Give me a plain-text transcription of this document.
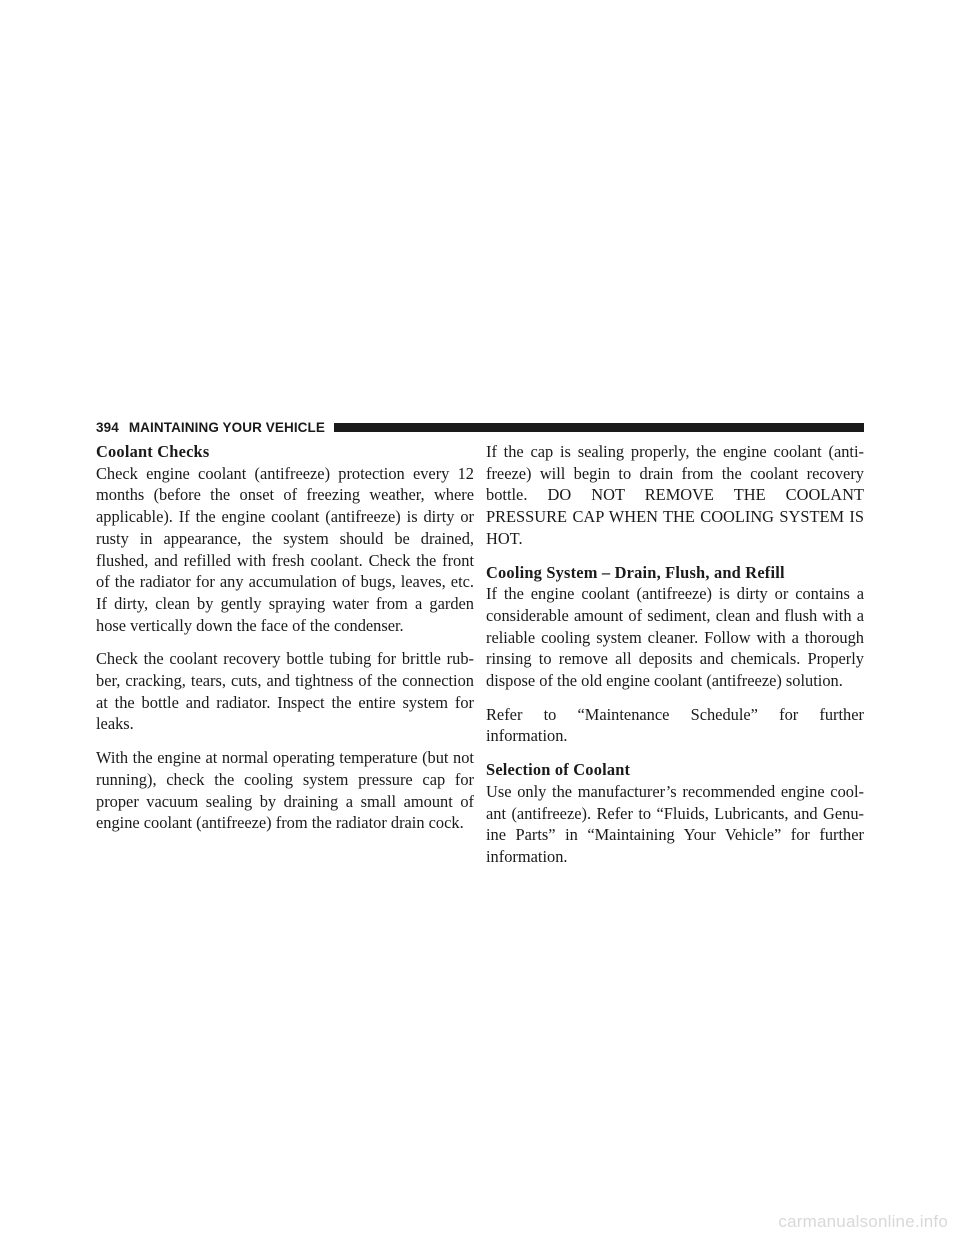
394 MAINTAINING YOUR VEHICLE

Coolant Checks

Check engine coolant (antifreeze) protection every 12 months (before the onset of freezing weather, where applicable). If the engine coolant (antifreeze) is dirty or rusty in appearance, the system should be drained, flushed, and refilled with fresh coolant. Check the front of the radiator for any accumulation of bugs, leaves, etc. If dirty, clean by gently spraying water from a garden hose vertically down the face of the condenser.

Check the coolant recovery bottle tubing for brittle rubber, cracking, tears, cuts, and tightness of the connection at the bottle and radiator. Inspect the entire system for leaks.

With the engine at normal operating temperature (but not running), check the cooling system pressure cap for proper vacuum sealing by draining a small amount of engine coolant (antifreeze) from the radiator drain cock.

If the cap is sealing properly, the engine coolant (antifreeze) will begin to drain from the coolant recovery bottle. DO NOT REMOVE THE COOLANT PRESSURE CAP WHEN THE COOLING SYSTEM IS HOT.

Cooling System – Drain, Flush, and Refill

If the engine coolant (antifreeze) is dirty or contains a considerable amount of sediment, clean and flush with a reliable cooling system cleaner. Follow with a thorough rinsing to remove all deposits and chemicals. Properly dispose of the old engine coolant (antifreeze) solution.

Refer to “Maintenance Schedule” for further information.

Selection of Coolant

Use only the manufacturer’s recommended engine coolant (antifreeze). Refer to “Fluids, Lubricants, and Genuine Parts” in “Maintaining Your Vehicle” for further information.

carmanualsonline.info
